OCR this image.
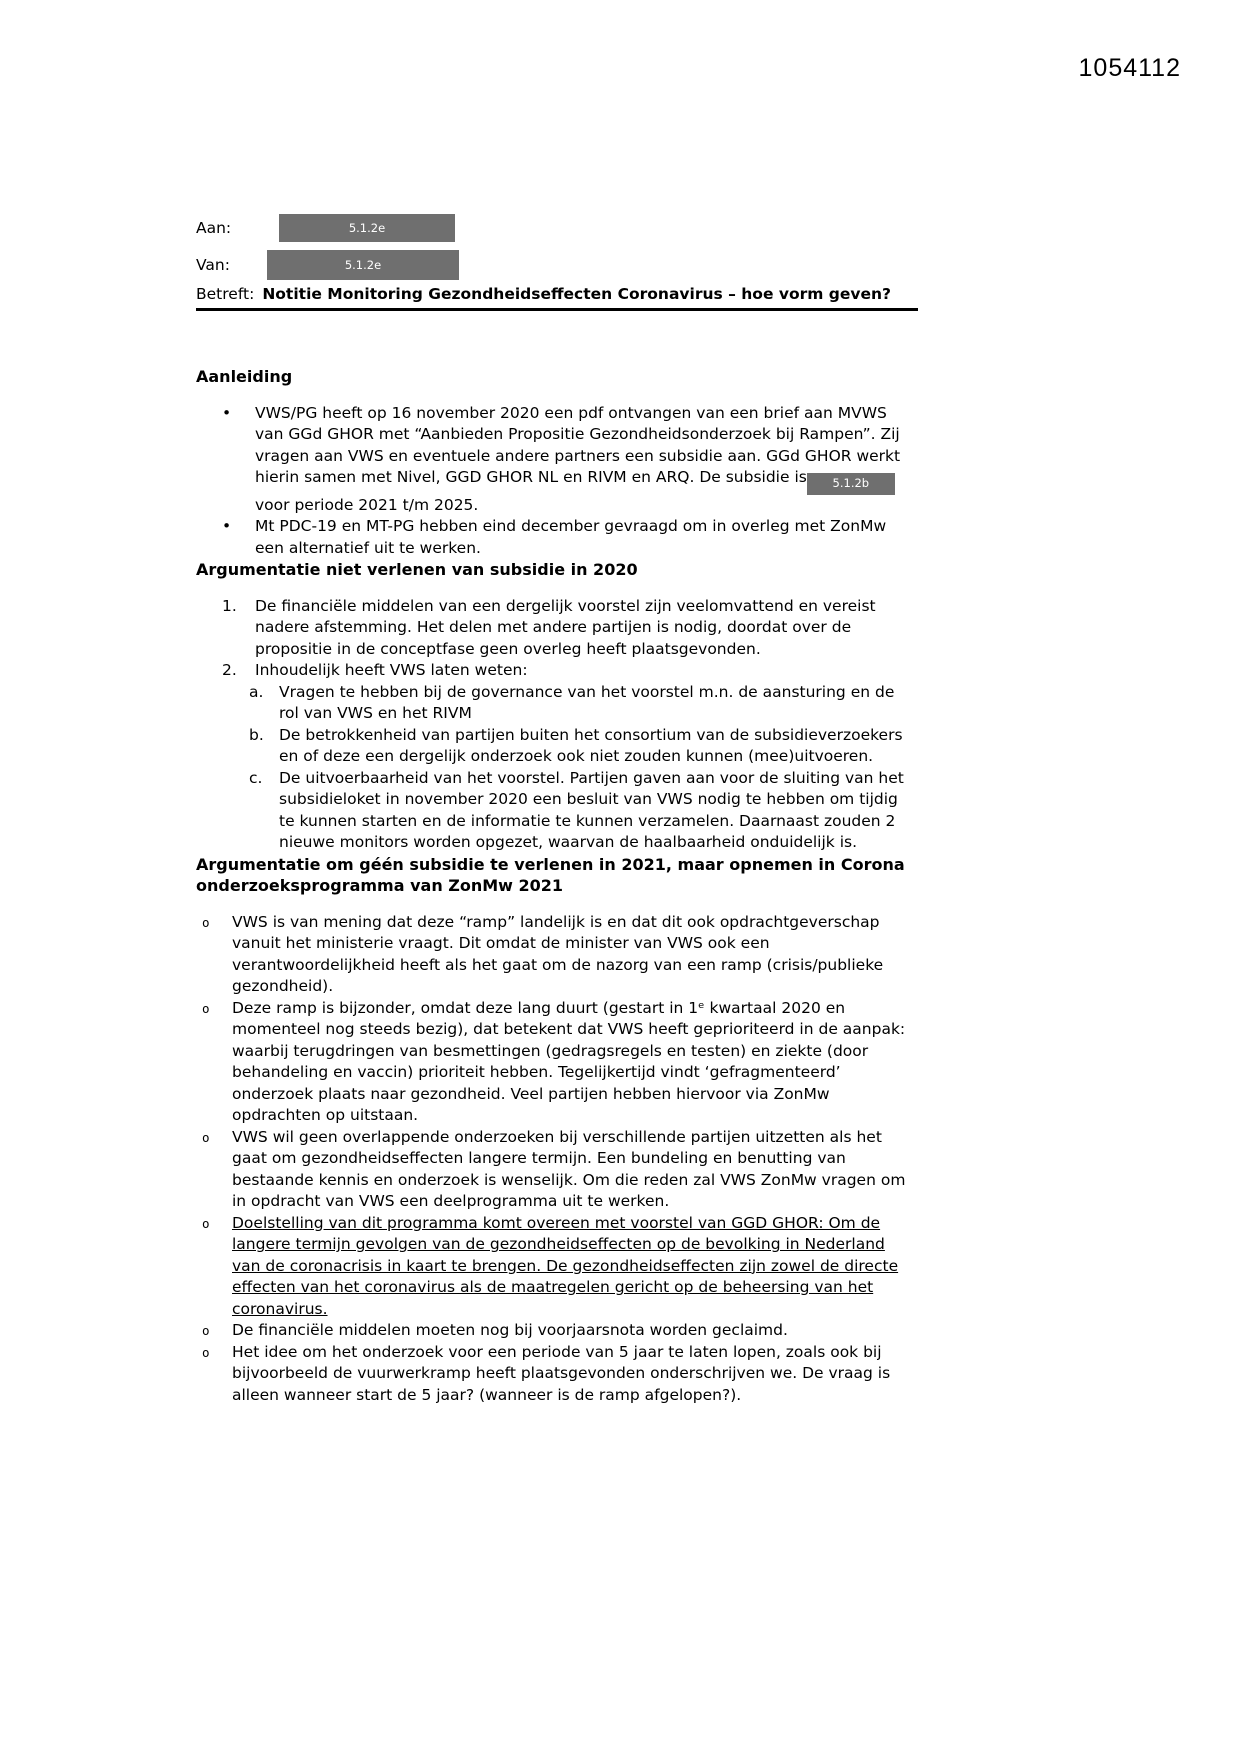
1054112
Aan:	5.1.2e
Van:	5.1.2e
Betreft: Notitie Monitoring Gezondheidseffecten Coronavirus – hoe vorm geven?
Aanleiding
•	VWS/PG heeft op 16 november 2020 een pdf ontvangen van een brief aan MVWS van GGd GHOR met “Aanbieden Propositie Gezondheidsonderzoek bij Rampen”. Zij vragen aan VWS en eventuele andere partners een subsidie aan. GGd GHOR werkt hierin samen met Nivel, GGD GHOR NL en RIVM en ARQ. De subsidie is 5.1.2bvoor periode 2021 t/m 2025.
•	Mt PDC-19 en MT-PG hebben eind december gevraagd om in overleg met ZonMw een alternatief uit te werken.
Argumentatie niet verlenen van subsidie in 2020
1.	De financiële middelen van een dergelijk voorstel zijn veelomvattend en vereist nadere afstemming. Het delen met andere partijen is nodig, doordat over de propositie in de conceptfase geen overleg heeft plaatsgevonden.
2.	Inhoudelijk heeft VWS laten weten:
a.	Vragen te hebben bij de governance van het voorstel m.n. de aansturing en de rol van VWS en het RIVM
b. De betrokkenheid van partijen buiten het consortium van de subsidieverzoekers en of deze een dergelijk onderzoek ook niet zouden kunnen (mee)uitvoeren.
c.	De uitvoerbaarheid van het voorstel. Partijen gaven aan voor de sluiting van het subsidieloket in november 2020 een besluit van VWS nodig te hebben om tijdig te kunnen starten en de informatie te kunnen verzamelen. Daarnaast zouden 2 nieuwe monitors worden opgezet, waarvan de haalbaarheid onduidelijk is.
Argumentatie om géén subsidie te verlenen in 2021, maar opnemen in Corona onderzoeksprogramma van ZonMw 2021
o	VWS is van mening dat deze “ramp” landelijk is en dat dit ook opdrachtgeverschap vanuit het ministerie vraagt. Dit omdat de minister van VWS ook een verantwoordelijkheid heeft als het gaat om de nazorg van een ramp (crisis/publieke gezondheid).
o	Deze ramp is bijzonder, omdat deze lang duurt (gestart in 1ᵉ kwartaal 2020 en momenteel nog steeds bezig), dat betekent dat VWS heeft geprioriteerd in de aanpak: waarbij terugdringen van besmettingen (gedragsregels en testen) en ziekte (door behandeling en vaccin) prioriteit hebben. Tegelijkertijd vindt ‘gefragmenteerd’ onderzoek plaats naar gezondheid. Veel partijen hebben hiervoor via ZonMw opdrachten op uitstaan.
o	VWS wil geen overlappende onderzoeken bij verschillende partijen uitzetten als het gaat om gezondheidseffecten langere termijn. Een bundeling en benutting van bestaande kennis en onderzoek is wenselijk. Om die reden zal VWS ZonMw vragen om in opdracht van VWS een deelprogramma uit te werken.
o	Doelstelling van dit programma komt overeen met voorstel van GGD GHOR: Om de langere termijn gevolgen van de gezondheidseffecten op de bevolking in Nederland van de coronacrisis in kaart te brengen. De gezondheidseffecten zijn zowel de directe effecten van het coronavirus als de maatregelen gericht op de beheersing van het coronavirus.
o	De financiële middelen moeten nog bij voorjaarsnota worden geclaimd.
o	Het idee om het onderzoek voor een periode van 5 jaar te laten lopen, zoals ook bij bijvoorbeeld de vuurwerkramp heeft plaatsgevonden onderschrijven we. De vraag is alleen wanneer start de 5 jaar? (wanneer is de ramp afgelopen?).
